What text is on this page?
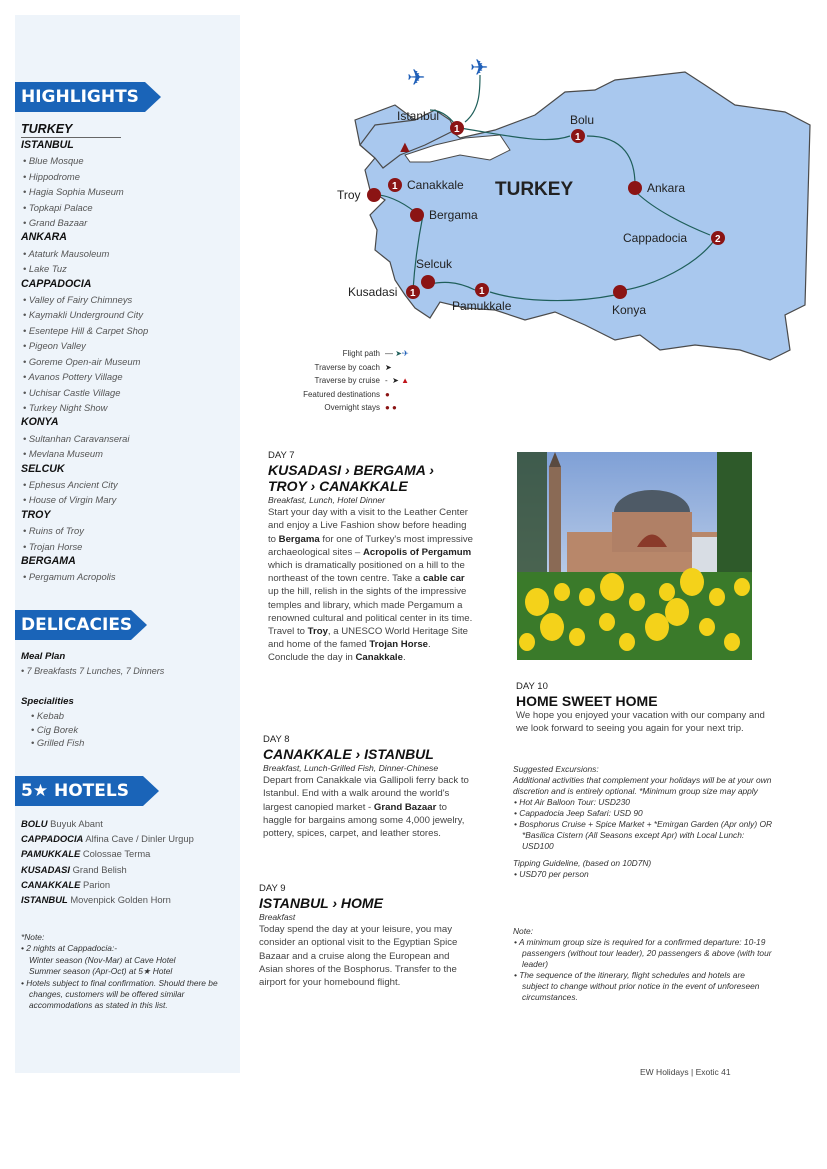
HIGHLIGHTS
TURKEY
ISTANBUL
• Blue Mosque
• Hippodrome
• Hagia Sophia Museum
• Topkapi Palace
• Grand Bazaar
ANKARA
• Ataturk Mausoleum
• Lake Tuz
CAPPADOCIA
• Valley of Fairy Chimneys
• Kaymakli Underground City
• Esentepe Hill & Carpet Shop
• Pigeon Valley
• Goreme Open-air Museum
• Avanos Pottery Village
• Uchisar Castle Village
• Turkey Night Show
KONYA
• Sultanhan Caravanserai
• Mevlana Museum
SELCUK
• Ephesus Ancient City
• House of Virgin Mary
TROY
• Ruins of Troy
• Trojan Horse
BERGAMA
• Pergamum Acropolis
DELICACIES
Meal Plan
• 7 Breakfasts 7 Lunches, 7 Dinners
Specialities
• Kebab
• Cig Borek
• Grilled Fish
5★ HOTELS
BOLU Buyuk Abant
CAPPADOCIA Alfina Cave / Dinler Urgup
PAMUKKALE Colossae Terma
KUSADASI Grand Belish
CANAKKALE Parion
ISTANBUL Movenpick Golden Horn
*Note:
• 2 nights at Cappadocia:-
Winter season (Nov-Mar) at Cave Hotel
Summer season (Apr-Oct) at 5★ Hotel
• Hotels subject to final confirmation. Should there be changes, customers will be offered similar accommodations as stated in this list.
✈ ✈
▲
1
Istanbul
1
Bolu
Ankara
2
Cappadocia
Konya
1
Pamukkale
Selcuk
1
Kusadasi
Bergama
Troy
1 Canakkale TURKEY
Flight path
Traverse by coach
Traverse by cruise
Featured destinations
Overnight stays
— ➤✈
➤
- ➤ ▲
●
● ●
DAY 7
KUSADASI › BERGAMA ›
TROY › CANAKKALE
Breakfast, Lunch, Hotel Dinner
Start your day with a visit to the Leather Center and enjoy a Live Fashion show before heading to Bergama for one of Turkey's most impressive archaeological sites – Acropolis of Pergamum which is dramatically positioned on a hill to the northeast of the town centre. Take a cable car up the hill, relish in the sights of the impressive temples and library, which made Pergamum a renowned cultural and political center in its time. Travel to Troy, a UNESCO World Heritage Site and home of the famed Trojan Horse. Conclude the day in Canakkale.
DAY 8
CANAKKALE › ISTANBUL
Breakfast, Lunch-Grilled Fish, Dinner-Chinese
Depart from Canakkale via Gallipoli ferry back to Istanbul. End with a walk around the world's largest canopied market - Grand Bazaar to haggle for bargains among some 4,000 jewelry, pottery, spices, carpet, and leather stores.
DAY 9
ISTANBUL › HOME
Breakfast
Today spend the day at your leisure, you may consider an optional visit to the Egyptian Spice Bazaar and a cruise along the European and Asian shores of the Bosphorus. Transfer to the airport for your homebound flight.
DAY 10
HOME SWEET HOME
We hope you enjoyed your vacation with our company and we look forward to seeing you again for your next trip.
Suggested Excursions:
Additional activities that complement your holidays will be at your own discretion and is entirely optional. *Minimum group size may apply
• Hot Air Balloon Tour: USD230
• Cappadocia Jeep Safari: USD 90
• Bosphorus Cruise + Spice Market + *Emirgan Garden (Apr only) OR *Basilica Cistern (All Seasons except Apr) with Local Lunch: USD100
Tipping Guideline, (based on 10D7N)
• USD70 per person
Note:
• A minimum group size is required for a confirmed departure: 10-19 passengers (without tour leader), 20 passengers & above (with tour leader)
• The sequence of the itinerary, flight schedules and hotels are subject to change without prior notice in the event of unforeseen circumstances.
EW Holidays | Exotic 41
